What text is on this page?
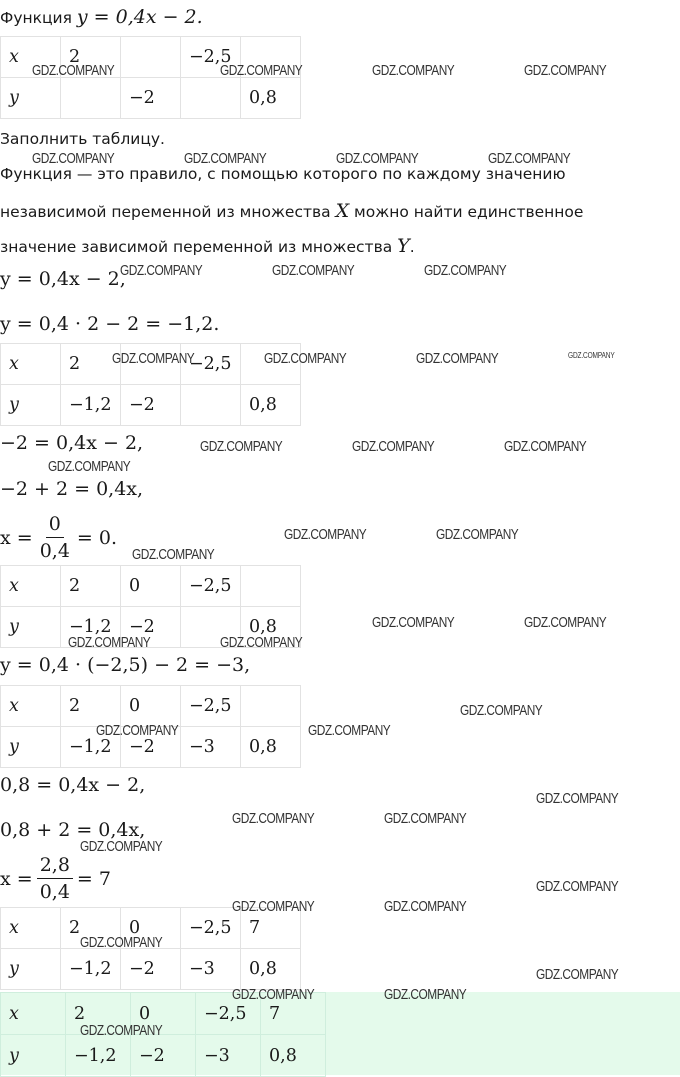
Функция y = 0,4x − 2.
x	2		−2,5	
y		−2		0,8
Заполнить таблицу.
Функция — это правило, с помощью которого по каждому значению
независимой переменной из множества X можно найти единственное
значение зависимой переменной из множества Y.
y = 0,4x − 2,
y = 0,4 · 2 − 2 = −1,2.
x	2		−2,5	
y	−1,2	−2		0,8
−2 = 0,4x − 2,
−2 + 2 = 0,4x,
$x = \frac{0}{0,4} = 0$.
x	2	0	−2,5	
y	−1,2	−2		0,8
y = 0,4 · (−2,5) − 2 = −3,
x	2	0	−2,5	
y	−1,2	−2	−3	0,8
0,8 = 0,4x − 2,
0,8 + 2 = 0,4x,
$x = \frac{2,8}{0,4} = 7$
x	2	0	−2,5	7
y	−1,2	−2	−3	0,8
x	2	0	−2,5	7
y	−1,2	−2	−3	0,8
GDZ.COMPANY	GDZ.COMPANY	GDZ.COMPANY	GDZ.COMPANY
GDZ.COMPANY	GDZ.COMPANY	GDZ.COMPANY	GDZ.COMPANY
GDZ.COMPANY	GDZ.COMPANY	GDZ.COMPANY
GDZ.COMPANY	GDZ.COMPANY	GDZ.COMPANY	GDZ.COMPANY
GDZ.COMPANY	GDZ.COMPANY	GDZ.COMPANY
GDZ.COMPANY
GDZ.COMPANY	GDZ.COMPANY
GDZ.COMPANY
GDZ.COMPANY	GDZ.COMPANY
GDZ.COMPANY	GDZ.COMPANY
GDZ.COMPANY
GDZ.COMPANY	GDZ.COMPANY
GDZ.COMPANY
GDZ.COMPANY	GDZ.COMPANY
GDZ.COMPANY
GDZ.COMPANY
GDZ.COMPANY	GDZ.COMPANY
GDZ.COMPANY
GDZ.COMPANY
GDZ.COMPANY	GDZ.COMPANY
GDZ.COMPANY
